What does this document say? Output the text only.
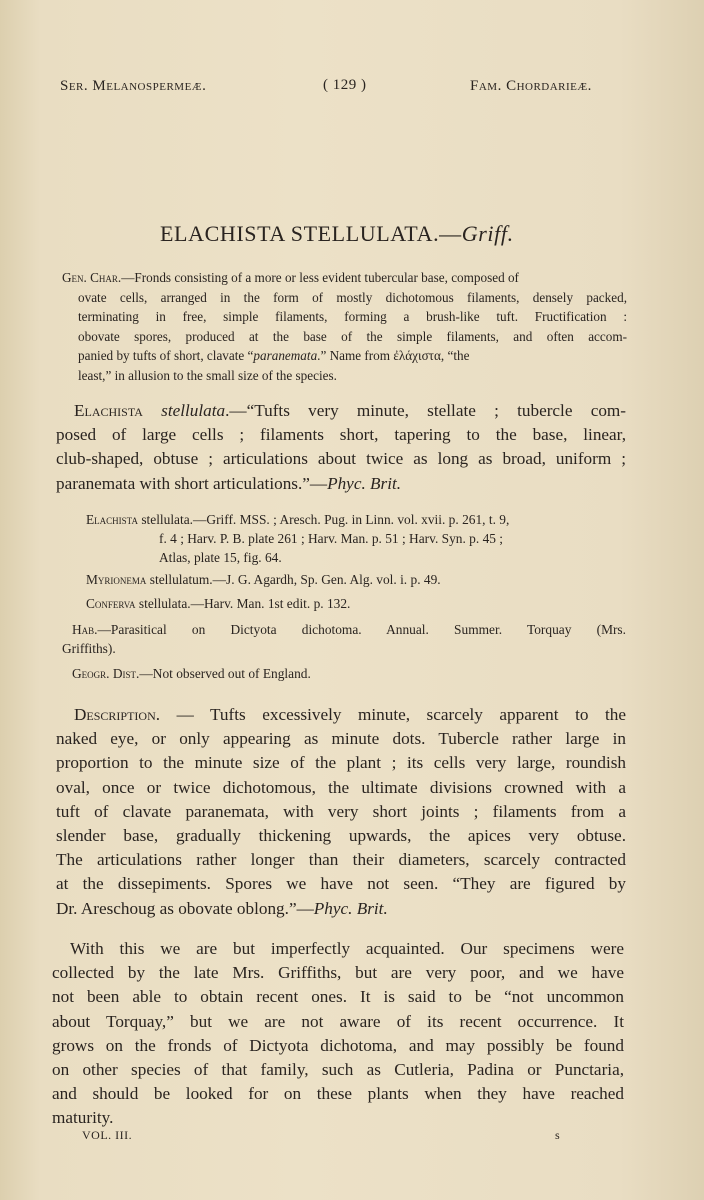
Ser. Melanospermeæ.	( 129 )	Fam. Chordarieæ.
ELACHISTA STELLULATA.—Griff.
Gen. Char.—Fronds consisting of a more or less evident tubercular base, composed of
ovate cells, arranged in the form of mostly dichotomous filaments, densely packed,
terminating in free, simple filaments, forming a brush-like tuft. Fructification :
obovate spores, produced at the base of the simple filaments, and often accom-
panied by tufts of short, clavate “paranemata.” Name from ἐλάχιστα, “the
least,” in allusion to the small size of the species.
Elachista stellulata.—“Tufts very minute, stellate ; tubercle com-
posed of large cells ; filaments short, tapering to the base, linear,
club-shaped, obtuse ; articulations about twice as long as broad, uniform ;
paranemata with short articulations.”—Phyc. Brit.
Elachista stellulata.—Griff. MSS. ; Aresch. Pug. in Linn. vol. xvii. p. 261, t. 9,
f. 4 ; Harv. P. B. plate 261 ; Harv. Man. p. 51 ; Harv. Syn. p. 45 ;
Atlas, plate 15, fig. 64.
Myrionema stellulatum.—J. G. Agardh, Sp. Gen. Alg. vol. i. p. 49.
Conferva stellulata.—Harv. Man. 1st edit. p. 132.
Hab.—Parasitical on Dictyota dichotoma. Annual. Summer. Torquay (Mrs.
Griffiths).
Geogr. Dist.—Not observed out of England.
Description. — Tufts excessively minute, scarcely apparent to the
naked eye, or only appearing as minute dots. Tubercle rather large in
proportion to the minute size of the plant ; its cells very large, roundish
oval, once or twice dichotomous, the ultimate divisions crowned with a
tuft of clavate paranemata, with very short joints ; filaments from a
slender base, gradually thickening upwards, the apices very obtuse.
The articulations rather longer than their diameters, scarcely contracted
at the dissepiments. Spores we have not seen. “They are figured by
Dr. Areschoug as obovate oblong.”—Phyc. Brit.
With this we are but imperfectly acquainted. Our specimens were
collected by the late Mrs. Griffiths, but are very poor, and we have
not been able to obtain recent ones. It is said to be “not uncommon
about Torquay,” but we are not aware of its recent occurrence. It
grows on the fronds of Dictyota dichotoma, and may possibly be found
on other species of that family, such as Cutleria, Padina or Punctaria,
and should be looked for on these plants when they have reached
maturity.
VOL. III.	s
